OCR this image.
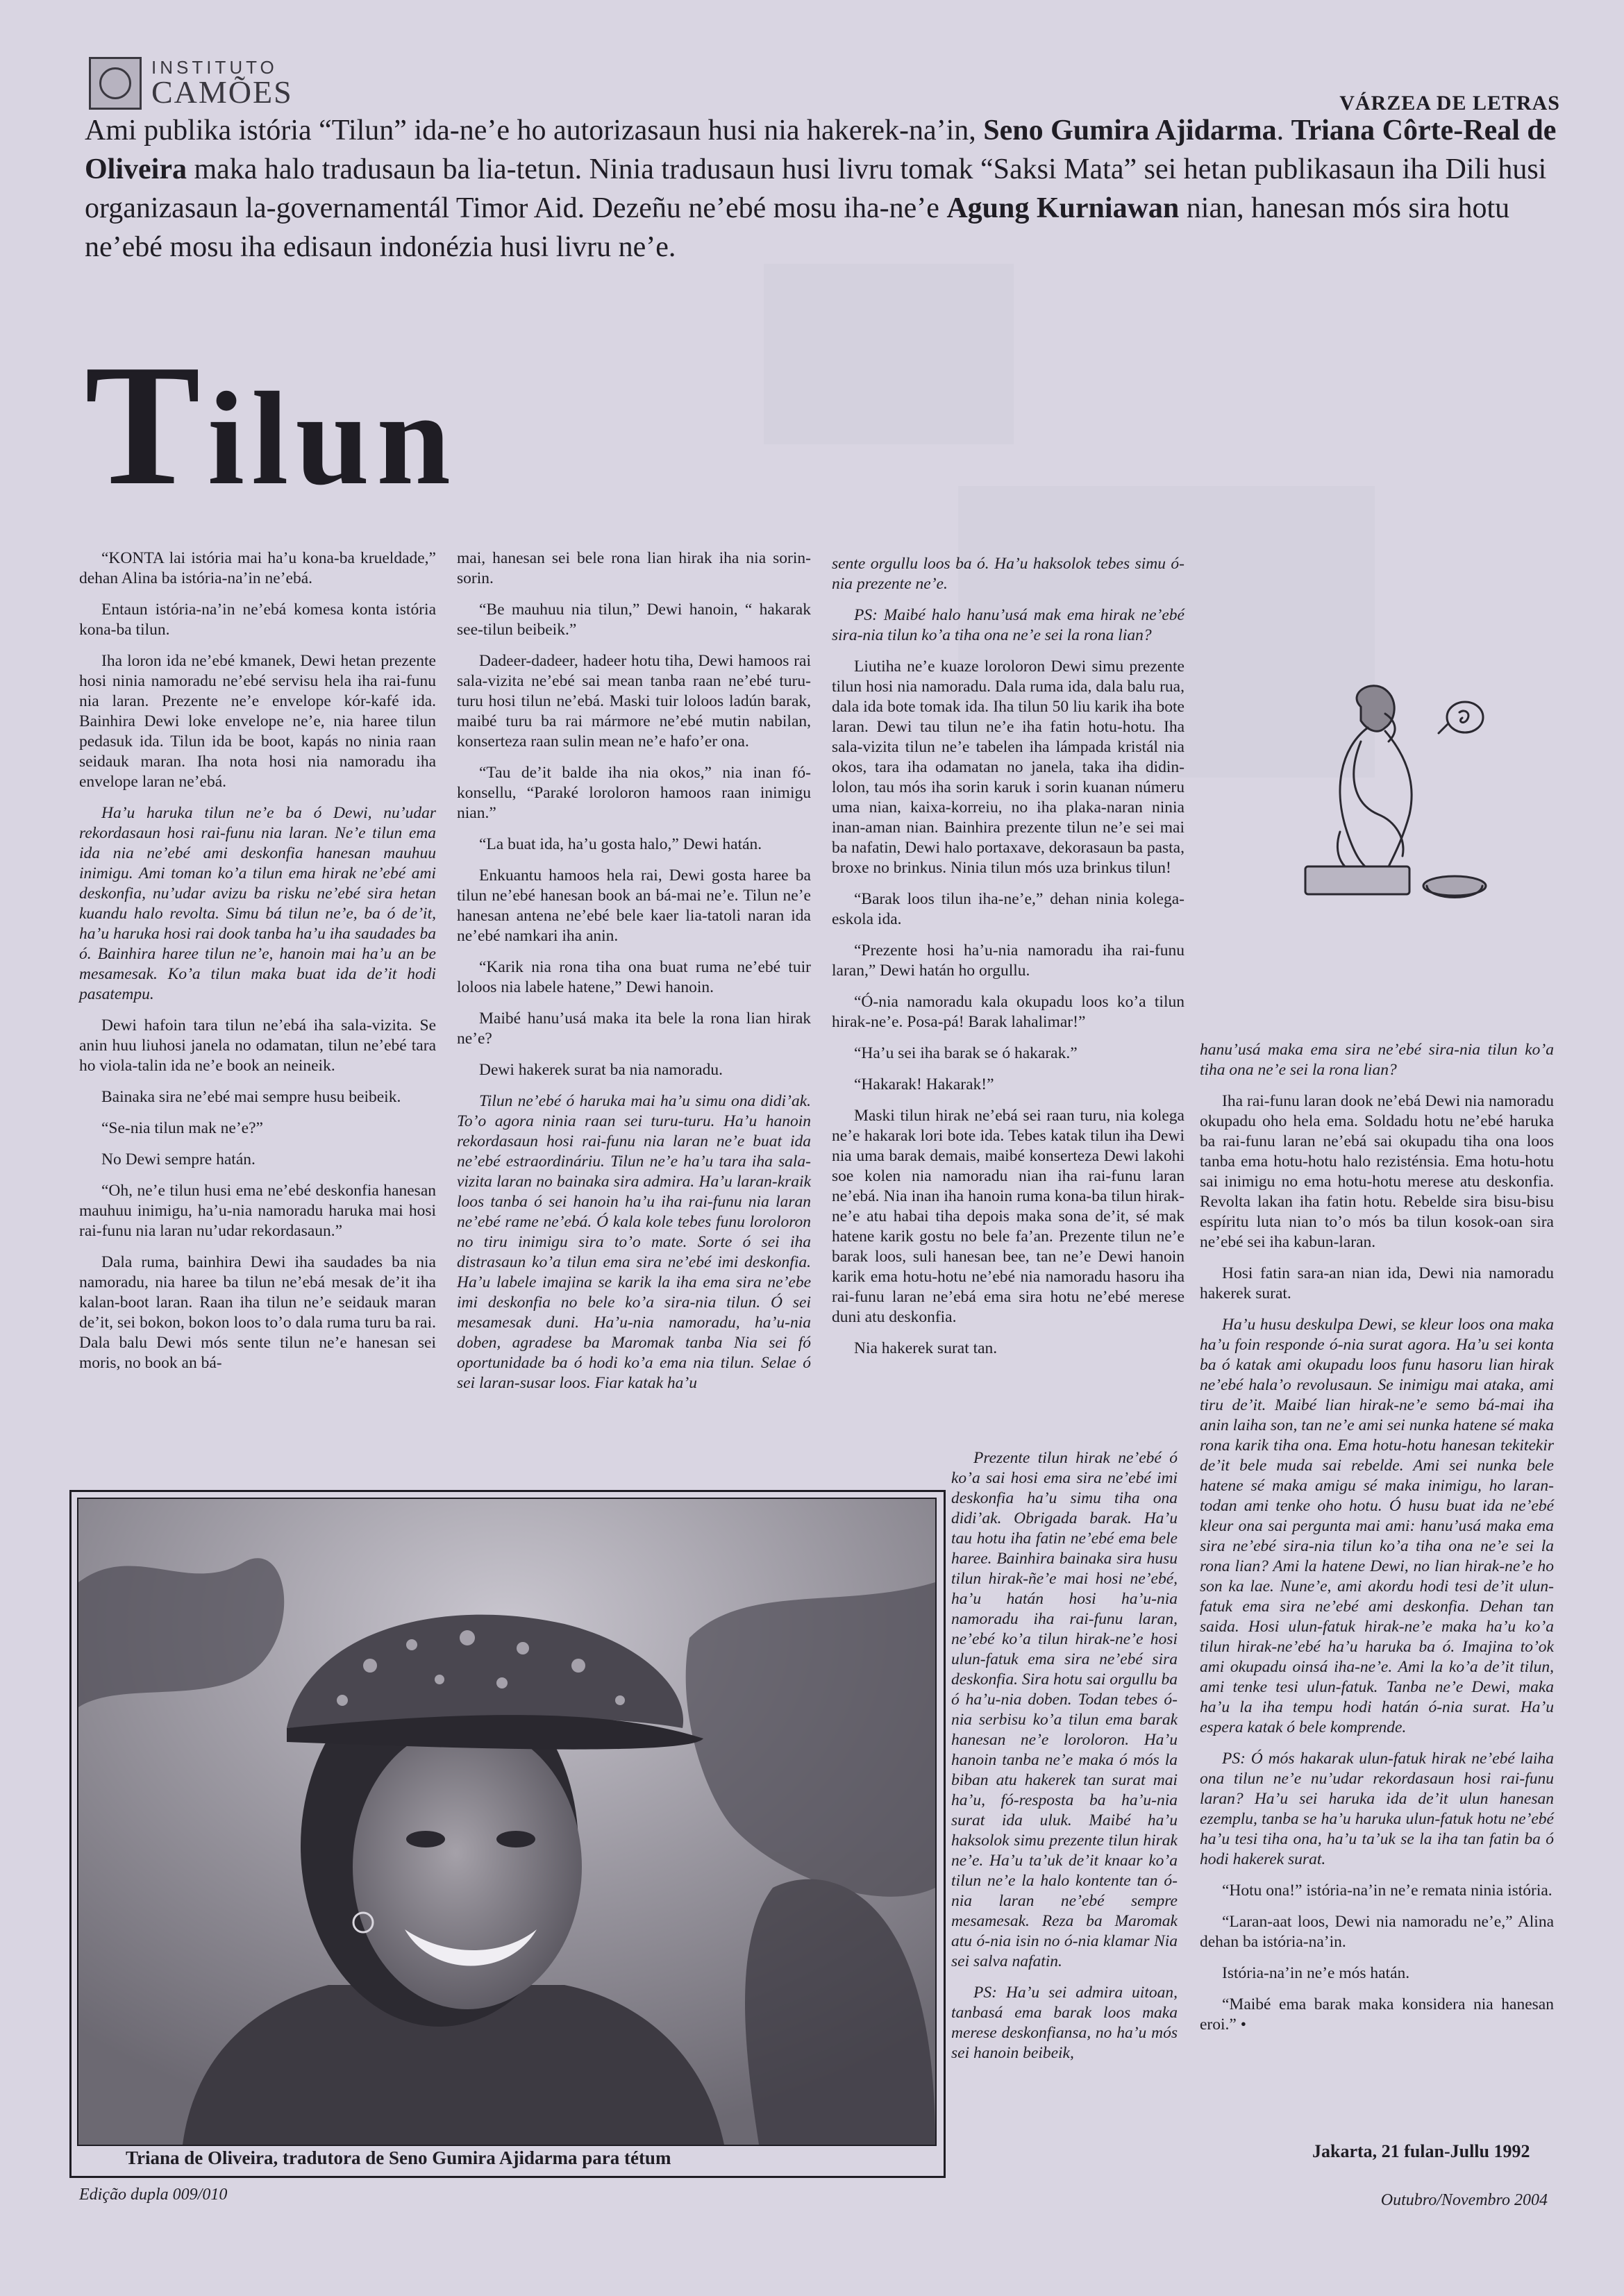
INSTITUTO
CAMÕES	VÁRZEA DE LETRAS
Ami publika istória “Tilun” ida-ne’e ho autorizasaun husi nia hakerek-na’in, Seno Gumira Ajidarma. Triana Côrte-Real de Oliveira maka halo tradusaun ba lia-tetun. Ninia tradusaun husi livru tomak “Saksi Mata” sei hetan publikasaun iha Dili husi organizasaun la-governamentál Timor Aid. Dezeñu ne’ebé mosu iha-ne’e Agung Kurniawan nian, hanesan mós sira hotu ne’ebé mosu iha edisaun indonézia husi livru ne’e.
Tilun

“KONTA lai istória mai ha’u kona-ba krueldade,” dehan Alina ba istória-na’in ne’ebá.

Entaun istória-na’in ne’ebá komesa konta istória kona-ba tilun.

Iha loron ida ne’ebé kmanek, Dewi hetan prezente hosi ninia namoradu ne’ebé servisu hela iha rai-funu nia laran. Prezente ne’e envelope kór-kafé ida. Bainhira Dewi loke envelope ne’e, nia haree tilun pedasuk ida. Tilun ida be boot, kapás no ninia raan seidauk maran. Iha nota hosi nia namoradu iha envelope laran ne’ebá.

Ha’u haruka tilun ne’e ba ó Dewi, nu’udar rekordasaun hosi rai-funu nia laran. Ne’e tilun ema ida nia ne’ebé ami deskonfia hanesan mauhuu inimigu. Ami toman ko’a tilun ema hirak ne’ebé ami deskonfia, nu’udar avizu ba risku ne’ebé sira hetan kuandu halo revolta. Simu bá tilun ne’e, ba ó de’it, ha’u haruka hosi rai dook tanba ha’u iha saudades ba ó. Bainhira haree tilun ne’e, hanoin mai ha’u an be mesamesak. Ko’a tilun maka buat ida de’it hodi pasatempu.

Dewi hafoin tara tilun ne’ebá iha sala-vizita. Se anin huu liuhosi janela no odamatan, tilun ne’ebé tara ho viola-talin ida ne’e book an neineik.

Bainaka sira ne’ebé mai sempre husu beibeik.

“Se-nia tilun mak ne’e?”

No Dewi sempre hatán.

“Oh, ne’e tilun husi ema ne’ebé deskonfia hanesan mauhuu inimigu, ha’u-nia namoradu haruka mai hosi rai-funu nia laran nu’udar rekordasaun.”

Dala ruma, bainhira Dewi iha saudades ba nia namoradu, nia haree ba tilun ne’ebá mesak de’it iha kalan-boot laran. Raan iha tilun ne’e seidauk maran de’it, sei bokon, bokon loos to’o dala ruma turu ba rai. Dala balu Dewi mós sente tilun ne’e hanesan sei moris, no book an bá-

mai, hanesan sei bele rona lian hirak iha nia sorin-sorin.

“Be mauhuu nia tilun,” Dewi hanoin, “ hakarak see-tilun beibeik.”

Dadeer-dadeer, hadeer hotu tiha, Dewi hamoos rai sala-vizita ne’ebé sai mean tanba raan ne’ebé turu-turu hosi tilun ne’ebá. Maski tuir loloos ladún barak, maibé turu ba rai mármore ne’ebé mutin nabilan, konserteza raan sulin mean ne’e hafo’er ona.

“Tau de’it balde iha nia okos,” nia inan fó-konsellu, “Paraké loroloron hamoos raan inimigu nian.”

“La buat ida, ha’u gosta halo,” Dewi hatán.

Enkuantu hamoos hela rai, Dewi gosta haree ba tilun ne’ebé hanesan book an bá-mai ne’e. Tilun ne’e hanesan antena ne’ebé bele kaer lia-tatoli naran ida ne’ebé namkari iha anin.

“Karik nia rona tiha ona buat ruma ne’ebé tuir loloos nia labele hatene,” Dewi hanoin.

Maibé hanu’usá maka ita bele la rona lian hirak ne’e?

Dewi hakerek surat ba nia namoradu.

Tilun ne’ebé ó haruka mai ha’u simu ona didi’ak. To’o agora ninia raan sei turu-turu. Ha’u hanoin rekordasaun hosi rai-funu nia laran ne’e buat ida ne’ebé estraordináriu. Tilun ne’e ha’u tara iha sala-vizita laran no bainaka sira admira. Ha’u laran-kraik loos tanba ó sei hanoin ha’u iha rai-funu nia laran ne’ebé rame ne’ebá. Ó kala kole tebes funu loroloron no tiru inimigu sira to’o mate. Sorte ó sei iha distrasaun ko’a tilun ema sira ne’ebé imi deskonfia. Ha’u labele imajina se karik la iha ema sira ne’ebe imi deskonfia no bele ko’a sira-nia tilun. Ó sei mesamesak duni. Ha’u-nia namoradu, ha’u-nia doben, agradese ba Maromak tanba Nia sei fó oportunidade ba ó hodi ko’a ema nia tilun. Selae ó sei laran-susar loos. Fiar katak ha’u

sente orgullu loos ba ó. Ha’u haksolok tebes simu ó-nia prezente ne’e.

PS: Maibé halo hanu’usá mak ema hirak ne’ebé sira-nia tilun ko’a tiha ona ne’e sei la rona lian?

Liutiha ne’e kuaze loroloron Dewi simu prezente tilun hosi nia namoradu. Dala ruma ida, dala balu rua, dala ida bote tomak ida. Iha tilun 50 liu karik iha bote laran. Dewi tau tilun ne’e iha fatin hotu-hotu. Iha sala-vizita tilun ne’e tabelen iha lámpada kristál nia okos, tara iha odamatan no janela, taka iha didin-lolon, tau mós iha sorin karuk i sorin kuanan númeru uma nian, kaixa-korreiu, no iha plaka-naran ninia inan-aman nian. Bainhira prezente tilun ne’e sei mai ba nafatin, Dewi halo portaxave, dekorasaun ba pasta, broxe no brinkus. Ninia tilun mós uza brinkus tilun!

“Barak loos tilun iha-ne’e,” dehan ninia kolega-eskola ida.

“Prezente hosi ha’u-nia namoradu iha rai-funu laran,” Dewi hatán ho orgullu.

“Ó-nia namoradu kala okupadu loos ko’a tilun hirak-ne’e. Posa-pá! Barak lahalimar!”

“Ha’u sei iha barak se ó hakarak.”

“Hakarak! Hakarak!”

Maski tilun hirak ne’ebá sei raan turu, nia kolega ne’e hakarak lori bote ida. Tebes katak tilun iha Dewi nia uma barak demais, maibé konserteza Dewi lakohi soe kolen nia namoradu nian iha rai-funu laran ne’ebá. Nia inan iha hanoin ruma kona-ba tilun hirak-ne’e atu habai tiha depois maka sona de’it, sé mak hatene karik gostu no bele fa’an. Prezente tilun ne’e barak loos, suli hanesan bee, tan ne’e Dewi hanoin karik ema hotu-hotu ne’ebé nia namoradu hasoru iha rai-funu laran ne’ebá ema sira hotu ne’ebé merese duni atu deskonfia.

Nia hakerek surat tan.

Prezente tilun hirak ne’ebé ó ko’a sai hosi ema sira ne’ebé imi deskonfia ha’u simu tiha ona didi’ak. Obrigada barak. Ha’u tau hotu iha fatin ne’ebé ema bele haree. Bainhira bainaka sira husu tilun hirak-ñe’e mai hosi ne’ebé, ha’u hatán hosi ha’u-nia namoradu iha rai-funu laran, ne’ebé ko’a tilun hirak-ne’e hosi ulun-fatuk ema sira ne’ebé sira deskonfia. Sira hotu sai orgullu ba ó ha’u-nia doben. Todan tebes ó-nia serbisu ko’a tilun ema barak hanesan ne’e loroloron. Ha’u hanoin tanba ne’e maka ó mós la biban atu hakerek tan surat mai ha’u, fó-resposta ba ha’u-nia surat ida uluk. Maibé ha’u haksolok simu prezente tilun hirak ne’e. Ha’u ta’uk de’it knaar ko’a tilun ne’e la halo kontente tan ó-nia laran ne’ebé sempre mesamesak. Reza ba Maromak atu ó-nia isin no ó-nia klamar Nia sei salva nafatin.

PS: Ha’u sei admira uitoan, tanbasá ema barak loos maka merese deskonfiansa, no ha’u mós sei hanoin beibeik,

hanu’usá maka ema sira ne’ebé sira-nia tilun ko’a tiha ona ne’e sei la rona lian?

Iha rai-funu laran dook ne’ebá Dewi nia namoradu okupadu oho hela ema. Soldadu hotu ne’ebé haruka ba rai-funu laran ne’ebá sai okupadu tiha ona loos tanba ema hotu-hotu halo rezisténsia. Ema hotu-hotu sai inimigu no ema hotu-hotu merese atu deskonfia. Revolta lakan iha fatin hotu. Rebelde sira bisu-bisu espíritu luta nian to’o mós ba tilun kosok-oan sira ne’ebé sei iha kabun-laran.

Hosi fatin sara-an nian ida, Dewi nia namoradu hakerek surat.

Ha’u husu deskulpa Dewi, se kleur loos ona maka ha’u foin responde ó-nia surat agora. Ha’u sei konta ba ó katak ami okupadu loos funu hasoru lian hirak ne’ebé hala’o revolusaun. Se inimigu mai ataka, ami tiru de’it. Maibé lian hirak-ne’e semo bá-mai iha anin laiha son, tan ne’e ami sei nunka hatene sé maka rona karik tiha ona. Ema hotu-hotu hanesan tekitekir de’it bele muda sai rebelde. Ami sei nunka bele hatene sé maka amigu sé maka inimigu, ho laran-todan ami tenke oho hotu. Ó husu buat ida ne’ebé kleur ona sai pergunta mai ami: hanu’usá maka ema sira ne’ebé sira-nia tilun ko’a tiha ona ne’e sei la rona lian? Ami la hatene Dewi, no lian hirak-ne’e ho son ka lae. Nune’e, ami akordu hodi tesi de’it ulun-fatuk ema sira ne’ebé ami deskonfia. Dehan tan saida. Hosi ulun-fatuk hirak-ne’e maka ha’u ko’a tilun hirak-ne’ebé ha’u haruka ba ó. Imajina to’ok ami okupadu oinsá iha-ne’e. Ami la ko’a de’it tilun, ami tenke tesi ulun-fatuk. Tanba ne’e Dewi, maka ha’u la iha tempu hodi hatán ó-nia surat. Ha’u espera katak ó bele komprende.

PS: Ó mós hakarak ulun-fatuk hirak ne’ebé laiha ona tilun ne’e nu’udar rekordasaun hosi rai-funu laran? Ha’u sei haruka ida de’it ulun hanesan ezemplu, tanba se ha’u haruka ulun-fatuk hotu ne’ebé ha’u tesi tiha ona, ha’u ta’uk se la iha tan fatin ba ó hodi hakerek surat.

“Hotu ona!” istória-na’in ne’e remata ninia istória.

“Laran-aat loos, Dewi nia namoradu ne’e,” Alina dehan ba istória-na’in.

Istória-na’in ne’e mós hatán.

“Maibé ema barak maka konsidera nia hanesan eroi.” •

Triana de Oliveira, tradutora de Seno Gumira Ajidarma para tétum	Jakarta, 21 fulan-Jullu 1992
Edição dupla 009/010	Outubro/Novembro 2004
